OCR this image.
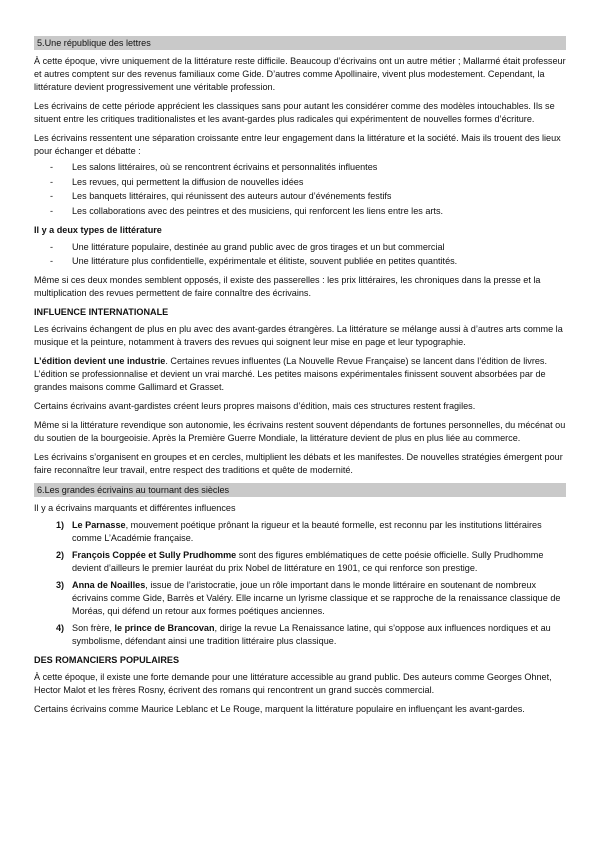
5.Une république des lettres

À cette époque, vivre uniquement de la littérature reste difficile. Beaucoup d’écrivains ont un autre métier ; Mallarmé était professeur et autres comptent sur des revenus familiaux come Gide. D’autres comme Apollinaire, vivent plus modestement. Cependant, la littérature devient progressivement une véritable profession.

Les écrivains de cette période apprécient les classiques sans pour autant les considérer comme des modèles intouchables. Ils se situent entre les critiques traditionalistes et les avant-gardes plus radicales qui expérimentent de nouvelles formes d’écriture.

Les écrivains ressentent une séparation croissante entre leur engagement dans la littérature et la société. Mais ils trouent des lieux pour échanger et débatte :

- Les salons littéraires, où se rencontrent écrivains et personnalités influentes
- Les revues, qui permettent la diffusion de nouvelles idées
- Les banquets littéraires, qui réunissent des auteurs autour d’événements festifs
- Les collaborations avec des peintres et des musiciens, qui renforcent les liens entre les arts.
Il y a deux types de littérature
- Une littérature populaire, destinée au grand public avec de gros tirages et un but commercial
- Une littérature plus confidentielle, expérimentale et élitiste, souvent publiée en petites quantités.

Même si ces deux mondes semblent opposés, il existe des passerelles : les prix littéraires, les chroniques dans la presse et la multiplication des revues permettent de faire connaître des écrivains.

INFLUENCE INTERNATIONALE

Les écrivains échangent de plus en plu avec des avant-gardes étrangères. La littérature se mélange aussi à d’autres arts comme la musique et la peinture, notamment à travers des revues qui soignent leur mise en page et leur typographie.

L’édition devient une industrie. Certaines revues influentes (La Nouvelle Revue Française) se lancent dans l’édition de livres. L’édition se professionnalise et devient un vrai marché. Les petites maisons expérimentales finissent souvent absorbées par de grandes maisons comme Gallimard et Grasset.

Certains écrivains avant-gardistes créent leurs propres maisons d’édition, mais ces structures restent fragiles.

Même si la littérature revendique son autonomie, les écrivains restent souvent dépendants de fortunes personnelles, du mécénat ou du soutien de la bourgeoisie. Après la Première Guerre Mondiale, la littérature devient de plus en plus liée au commerce.

Les écrivains s’organisent en groupes et en cercles, multiplient les débats et les manifestes. De nouvelles stratégies émergent pour faire reconnaître leur travail, entre respect des traditions et quête de modernité.

6.Les grandes écrivains au tournant des siècles

Il y a écrivains marquants et différentes influences

1) Le Parnasse, mouvement poétique prônant la rigueur et la beauté formelle, est reconnu par les institutions littéraires comme L’Académie française.
2) François Coppée et Sully Prudhomme sont des figures emblématiques de cette poésie officielle. Sully Prudhomme devient d’ailleurs le premier lauréat du prix Nobel de littérature en 1901, ce qui renforce son prestige.
3) Anna de Noailles, issue de l’aristocratie, joue un rôle important dans le monde littéraire en soutenant de nombreux écrivains comme Gide, Barrès et Valéry. Elle incarne un lyrisme classique et se rapproche de la renaissance classique de Moréas, qui défend un retour aux formes poétiques anciennes.
4) Son frère, le prince de Brancovan, dirige la revue La Renaissance latine, qui s’oppose aux influences nordiques et au symbolisme, défendant ainsi une tradition littéraire plus classique.
DES ROMANCIERS POPULAIRES

À cette époque, il existe une forte demande pour une littérature accessible au grand public. Des auteurs comme Georges Ohnet, Hector Malot et les frères Rosny, écrivent des romans qui rencontrent un grand succès commercial.

Certains écrivains comme Maurice Leblanc et Le Rouge, marquent la littérature populaire en influençant les avant-gardes.
